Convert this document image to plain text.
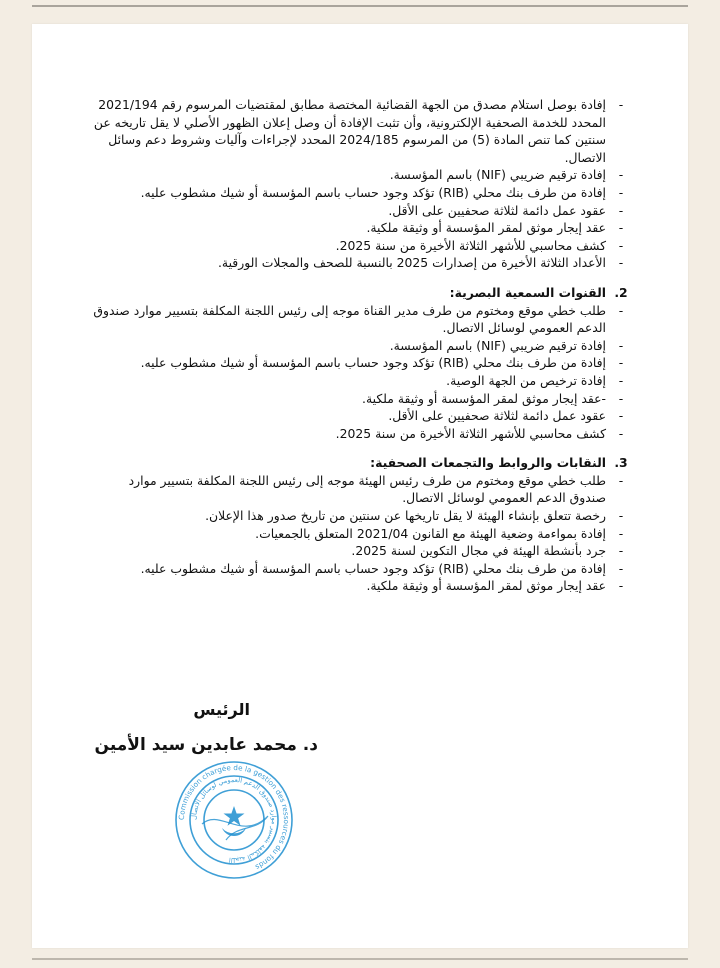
-
إفادة بوصل استلام مصدق من الجهة القضائية المختصة مطابق لمقتضيات المرسوم رقم 2021/194 المحدد للخدمة الصحفية الإلكترونية، وأن تثبت الإفادة أن وصل إعلان الظهور الأصلي لا يقل تاريخه عن سنتين كما تنص المادة (5) من المرسوم 2024/185 المحدد لإجراءات وآليات وشروط دعم وسائل الاتصال.
-
إفادة ترقيم ضريبي (NIF) باسم المؤسسة.
-
إفادة من طرف بنك محلي (RIB) تؤكد وجود حساب باسم المؤسسة أو شيك مشطوب عليه.
-
عقود عمل دائمة لثلاثة صحفيين على الأقل.
-
عقد إيجار موثق لمقر المؤسسة أو وثيقة ملكية.
-
كشف محاسبي للأشهر الثلاثة الأخيرة من سنة 2025.
-
الأعداد الثلاثة الأخيرة من إصدارات 2025 بالنسبة للصحف والمجلات الورقية.
2.
القنوات السمعية البصرية:
-
طلب خطي موقع ومختوم من طرف مدير القناة موجه إلى رئيس اللجنة المكلفة بتسيير موارد صندوق الدعم العمومي لوسائل الاتصال.
-
إفادة ترقيم ضريبي (NIF) باسم المؤسسة.
-
إفادة من طرف بنك محلي (RIB) تؤكد وجود حساب باسم المؤسسة أو شيك مشطوب عليه.
-
إفادة ترخيص من الجهة الوصية.
-
-عقد إيجار موثق لمقر المؤسسة أو وثيقة ملكية.
-
عقود عمل دائمة لثلاثة صحفيين على الأقل.
-
كشف محاسبي للأشهر الثلاثة الأخيرة من سنة 2025.
3.
النقابات والروابط والتجمعات الصحفية:
-
طلب خطي موقع ومختوم من طرف رئيس الهيئة موجه إلى رئيس اللجنة المكلفة بتسيير موارد صندوق الدعم العمومي لوسائل الاتصال.
-
رخصة تتعلق بإنشاء الهيئة لا يقل تاريخها عن سنتين من تاريخ صدور هذا الإعلان.
-
إفادة بمواءمة وضعية الهيئة مع القانون 2021/04 المتعلق بالجمعيات.
-
جرد بأنشطة الهيئة في مجال التكوين لسنة 2025.
-
إفادة من طرف بنك محلي (RIB) تؤكد وجود حساب باسم المؤسسة أو شيك مشطوب عليه.
-
عقد إيجار موثق لمقر المؤسسة أو وثيقة ملكية.
الرئيس
د. محمد عابدين سيد الأمين
Commission chargée de la gestion des ressources du fonds
اللجنة المكلفة بتسيير موارد صندوق الدعم العمومي لوسائل الاتصال
